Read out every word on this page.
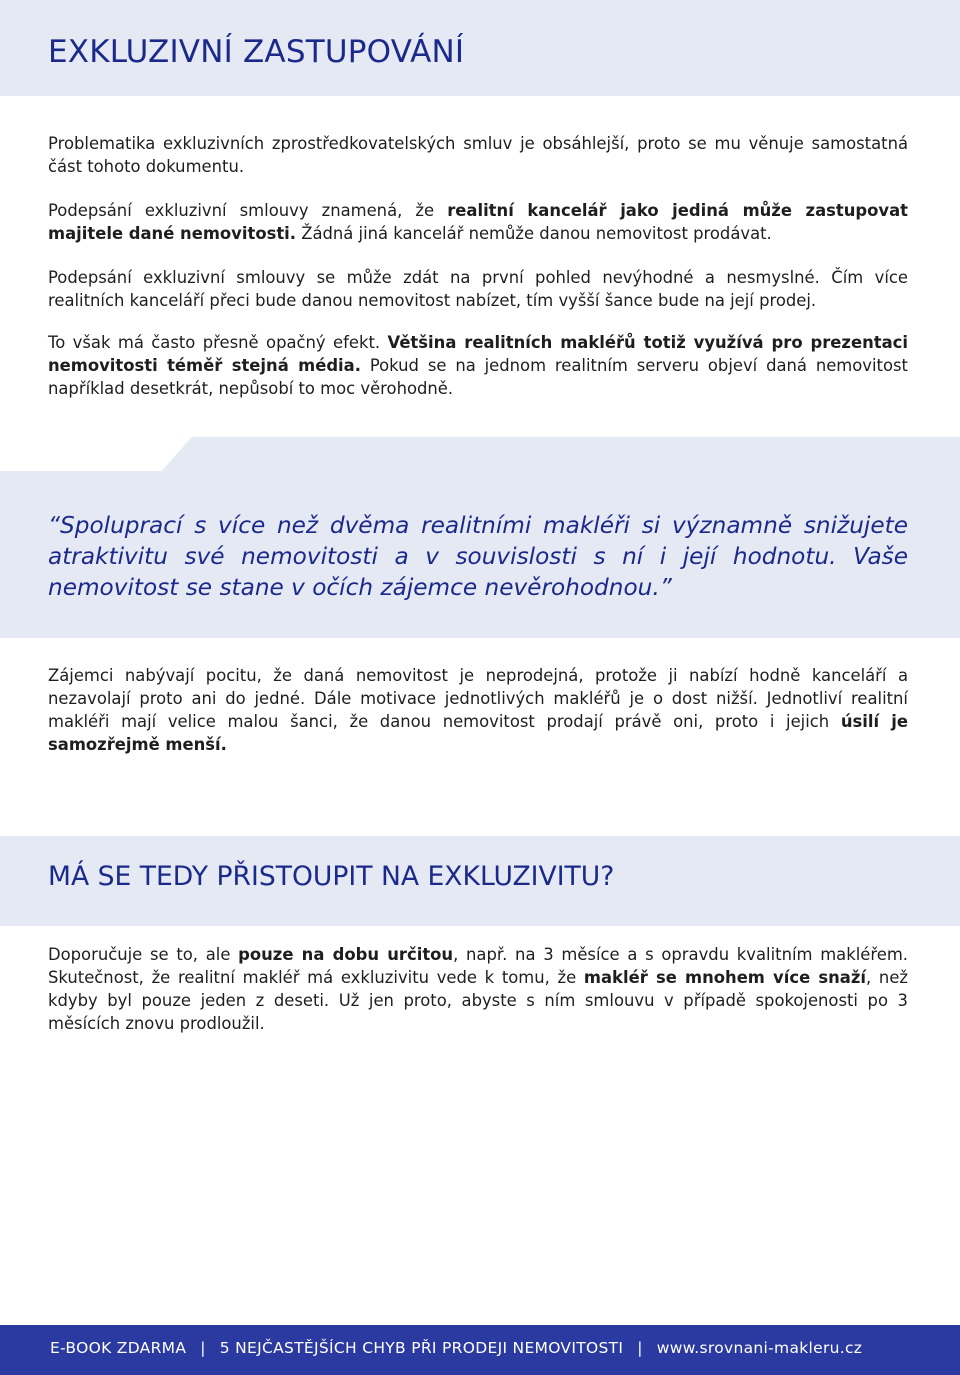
EXKLUZIVNÍ ZASTUPOVÁNÍ

Problematika exkluzivních zprostředkovatelských smluv je obsáhlejší, proto se mu věnuje samostatná část tohoto dokumentu.

Podepsání exkluzivní smlouvy znamená, že realitní kancelář jako jediná může zastupovat majitele dané nemovitosti. Žádná jiná kancelář nemůže danou nemovitost prodávat.

Podepsání exkluzivní smlouvy se může zdát na první pohled nevýhodné a nesmyslné. Čím více realitních kanceláří přeci bude danou nemovitost nabízet, tím vyšší šance bude na její prodej.

To však má často přesně opačný efekt. Většina realitních makléřů totiž využívá pro prezentaci nemovitosti téměř stejná média. Pokud se na jednom realitním serveru objeví daná nemovitost například desetkrát, nepůsobí to moc věrohodně.

“Spoluprací s více než dvěma realitními makléři si významně snižujete atraktivitu své nemovitosti a v souvislosti s ní i její hodnotu. Vaše nemovitost se stane v očích zájemce nevěrohodnou.”

Zájemci nabývají pocitu, že daná nemovitost je neprodejná, protože ji nabízí hodně kanceláří a nezavolají proto ani do jedné. Dále motivace jednotlivých makléřů je o dost nižší. Jednotliví realitní makléři mají velice malou šanci, že danou nemovitost prodají právě oni, proto i jejich úsilí je samozřejmě menší.

MÁ SE TEDY PŘISTOUPIT NA EXKLUZIVITU?

Doporučuje se to, ale pouze na dobu určitou, např. na 3 měsíce a s opravdu kvalitním makléřem. Skutečnost, že realitní makléř má exkluzivitu vede k tomu, že makléř se mnohem více snaží, než kdyby byl pouze jeden z deseti. Už jen proto, abyste s ním smlouvu v případě spokojenosti po 3 měsících znovu prodloužil.

E-BOOK ZDARMA | 5 NEJČASTĚJŠÍCH CHYB PŘI PRODEJI NEMOVITOSTI | www.srovnani-makleru.cz
